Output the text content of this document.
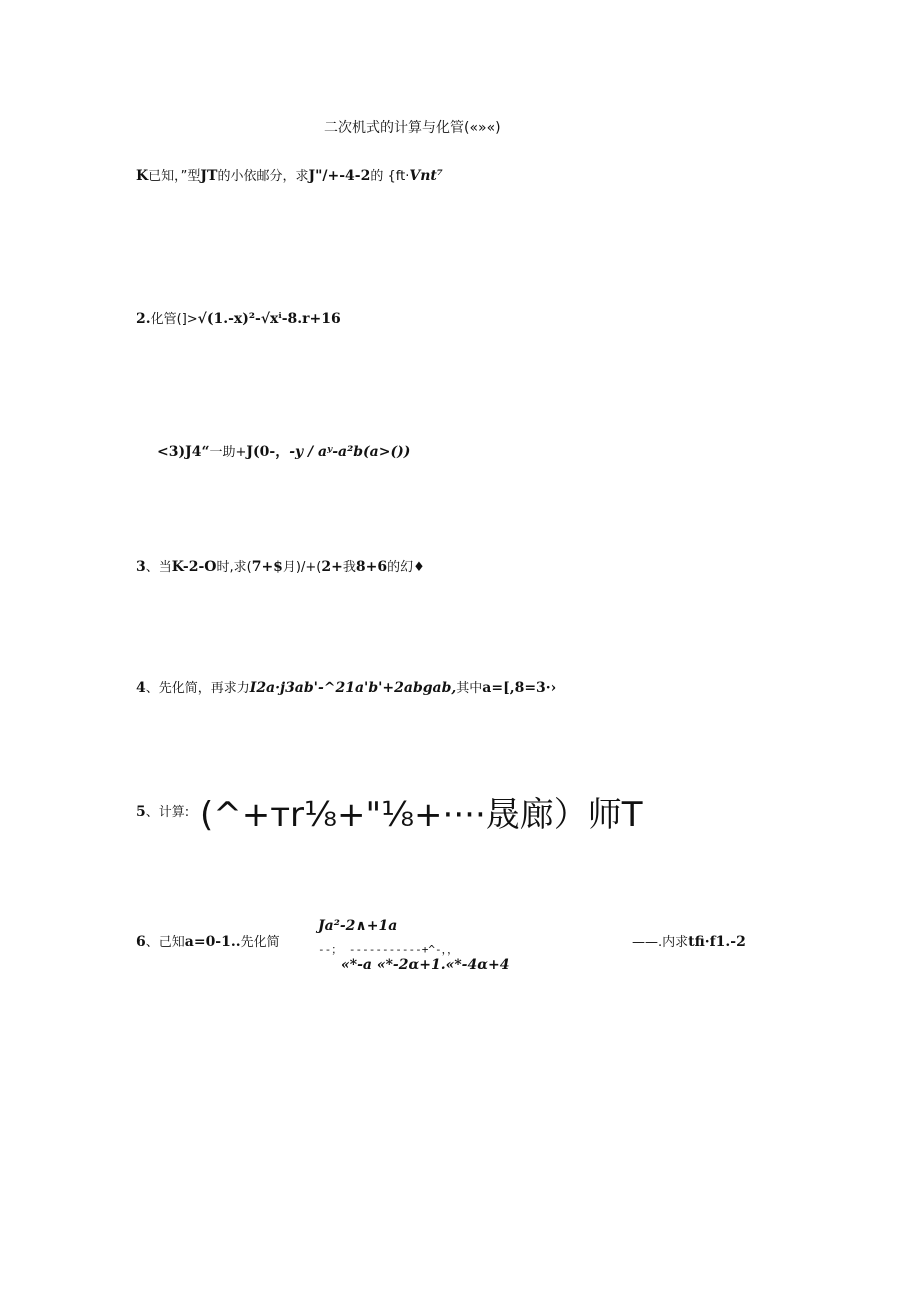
二次机式的计算与化管(«»«)
K已知，”型JT的小依邮分，求J"/+-4-2的 {ft·Vnt⁷
2.化管(]>√(1.-x)²-√xⁱ-8.r+16
<3)J4“一助+J(0-，-y / aʸ-a²b(a>())
3、当K-2-O时,求(7+$月)/+(2+我8+6的幻♦
4、先化简，再求力I2a·j3ab'-^21a'b'+2abgab,其中a=[,8=3·›
5、计算: (^+тr⅛+"⅛+····晟廊）师T
6、己知a=0-1..先化简
Ja²-2∧+1a
--； -----------+^-，，
«*-a «*-2α+1.«*-4α+4
——.内求tfi·f1.-2
